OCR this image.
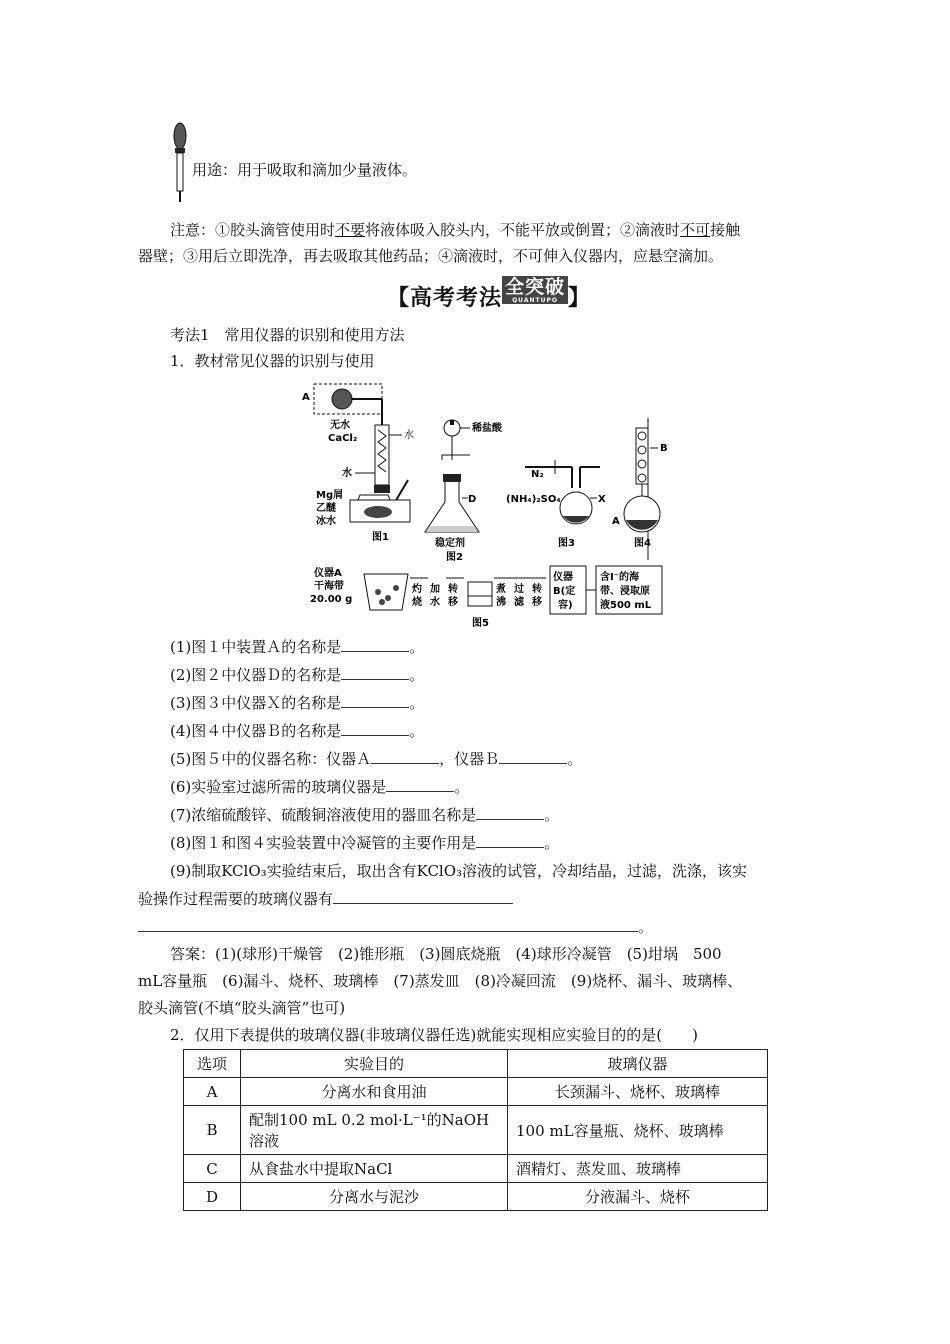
用途：用于吸取和滴加少量液体。
注意：①胶头滴管使用时不要将液体吸入胶头内，不能平放或倒置；②滴液时不可接触
器壁；③用后立即洗净，再去吸取其他药品；④滴液时，不可伸入仪器内，应悬空滴加。
【高考考法 全突破
QUANTUPO 】
考法1　常用仪器的识别和使用方法
1．教材常见仪器的识别与使用
A
水
无水
CaCl₂
水
Mg屑
乙醚
冰水
图1
稀盐酸
D
稳定剂
图2
N₂
X
(NH₄)₂SO₄
图3
B
A
图4
仪器A
干海带
20.00 g
灼
烧
加
水
转
移
煮
沸
过
滤
转
移
仪器
B(定
容)
含I⁻的海
带、浸取原
液500 mL
图5
(1)图１中装置Ａ的名称是	。
(2)图２中仪器Ｄ的名称是	。
(3)图３中仪器Ｘ的名称是	。
(4)图４中仪器Ｂ的名称是	。
(5)图５中的仪器名称：仪器Ａ	，仪器Ｂ	。
(6)实验室过滤所需的玻璃仪器是	。
(7)浓缩硫酸锌、硫酸铜溶液使用的器皿名称是	。
(8)图１和图４实验装置中冷凝管的主要作用是	。
(9)制取KClO₃实验结束后，取出含有KClO₃溶液的试管，冷却结晶，过滤，洗涤，该实
验操作过程需要的玻璃仪器有
。
答案：(1)(球形)干燥管　(2)锥形瓶　(3)圆底烧瓶　(4)球形冷凝管　(5)坩埚　500
mL容量瓶　(6)漏斗、烧杯、玻璃棒　(7)蒸发皿　(8)冷凝回流　(9)烧杯、漏斗、玻璃棒、
胶头滴管(不填“胶头滴管”也可)
2．仅用下表提供的玻璃仪器(非玻璃仪器任选)就能实现相应实验目的的是(　　)
选项	实验目的	玻璃仪器
A	分离水和食用油	长颈漏斗、烧杯、玻璃棒
B	配制100 mL 0.2 mol·L⁻¹的NaOH溶液	100 mL容量瓶、烧杯、玻璃棒
C	从食盐水中提取NaCl	酒精灯、蒸发皿、玻璃棒
D	分离水与泥沙	分液漏斗、烧杯
